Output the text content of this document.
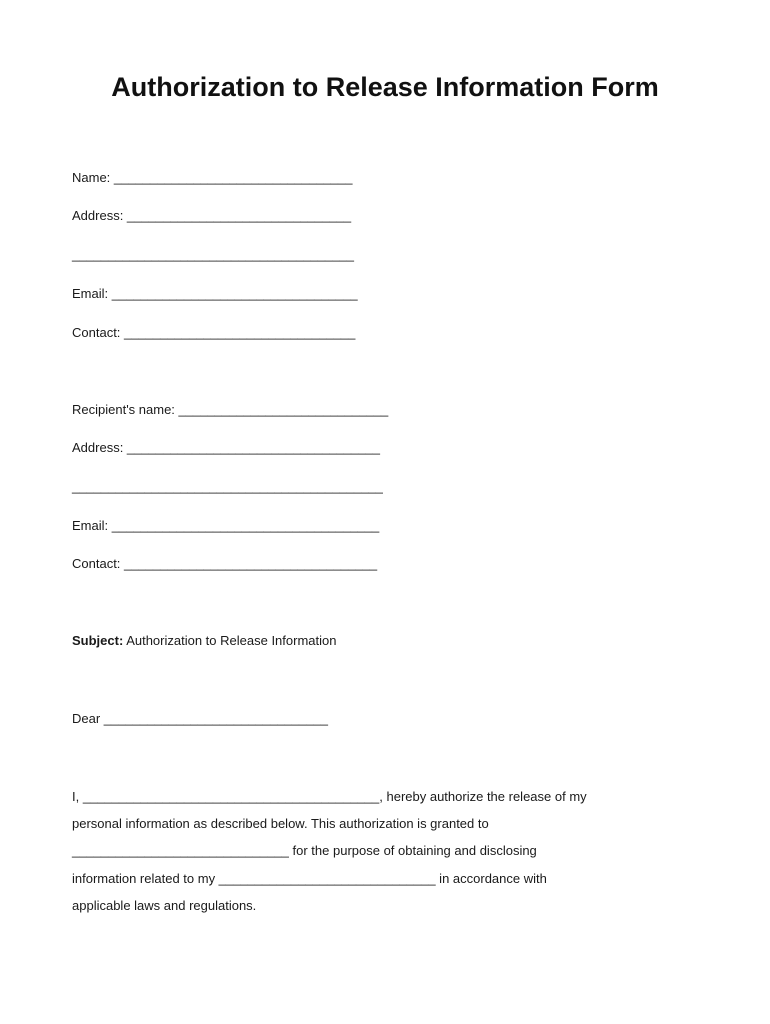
Authorization to Release Information Form
Name: _________________________________
Address: _______________________________
_______________________________________
Email: __________________________________
Contact: ________________________________
Recipient's name: _____________________________
Address: ___________________________________
___________________________________________
Email: _____________________________________
Contact: ___________________________________
Subject: Authorization to Release Information
Dear _______________________________
I, _________________________________________, hereby authorize the release of my
personal information as described below. This authorization is granted to
______________________________ for the purpose of obtaining and disclosing
information related to my ______________________________ in accordance with
applicable laws and regulations.
